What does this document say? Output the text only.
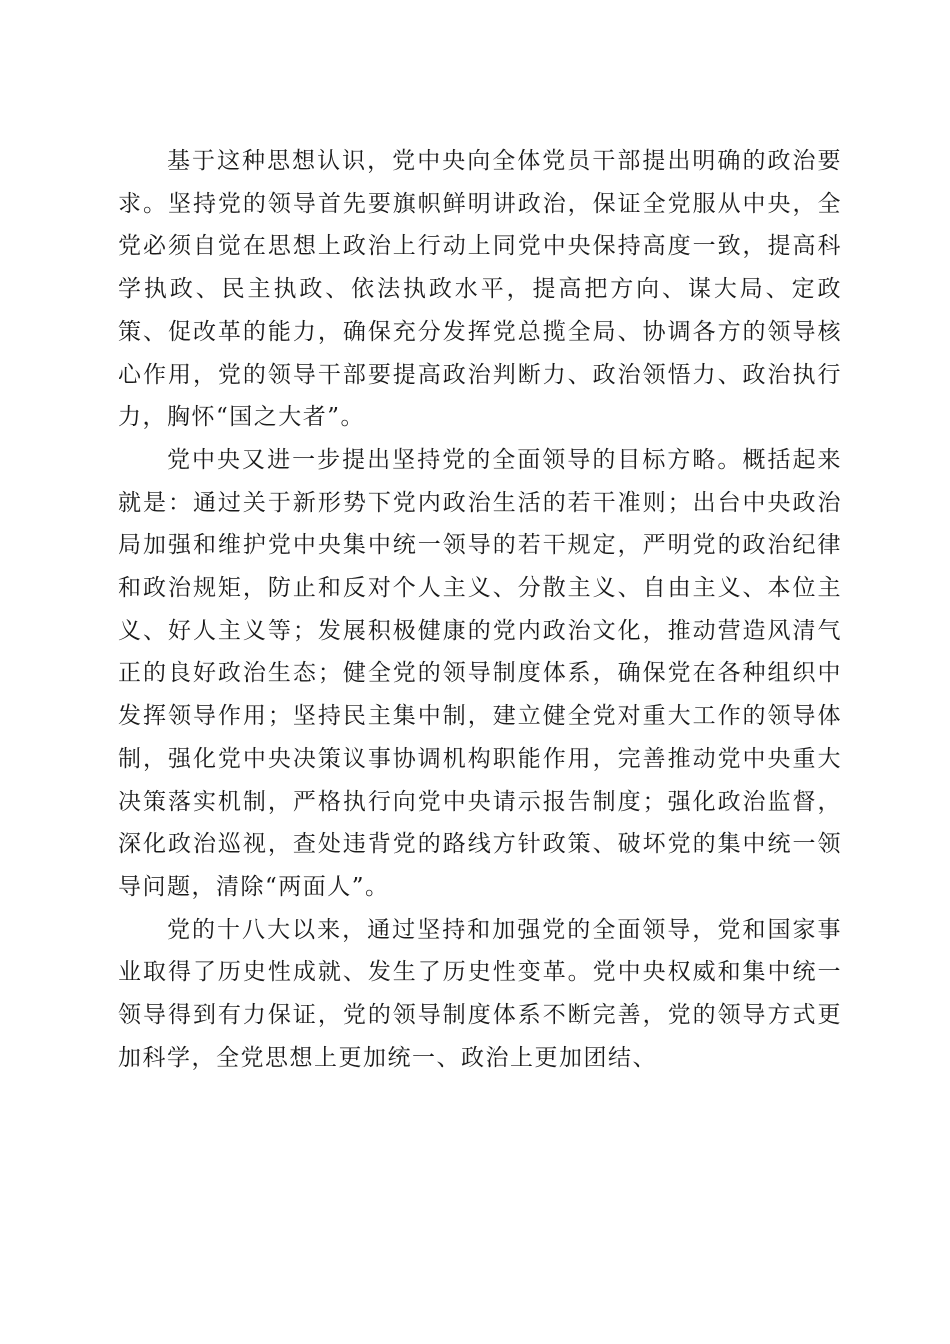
基于这种思想认识，党中央向全体党员干部提出明确的政治要求。坚持党的领导首先要旗帜鲜明讲政治，保证全党服从中央，全党必须自觉在思想上政治上行动上同党中央保持高度一致，提高科学执政、民主执政、依法执政水平，提高把方向、谋大局、定政策、促改革的能力，确保充分发挥党总揽全局、协调各方的领导核心作用，党的领导干部要提高政治判断力、政治领悟力、政治执行力，胸怀“国之大者”。

党中央又进一步提出坚持党的全面领导的目标方略。概括起来就是：通过关于新形势下党内政治生活的若干准则；出台中央政治局加强和维护党中央集中统一领导的若干规定，严明党的政治纪律和政治规矩，防止和反对个人主义、分散主义、自由主义、本位主义、好人主义等；发展积极健康的党内政治文化，推动营造风清气正的良好政治生态；健全党的领导制度体系，确保党在各种组织中发挥领导作用；坚持民主集中制，建立健全党对重大工作的领导体制，强化党中央决策议事协调机构职能作用，完善推动党中央重大决策落实机制，严格执行向党中央请示报告制度；强化政治监督，深化政治巡视，查处违背党的路线方针政策、破坏党的集中统一领导问题，清除“两面人”。

党的十八大以来，通过坚持和加强党的全面领导，党和国家事业取得了历史性成就、发生了历史性变革。党中央权威和集中统一领导得到有力保证，党的领导制度体系不断完善，党的领导方式更加科学，全党思想上更加统一、政治上更加团结、
